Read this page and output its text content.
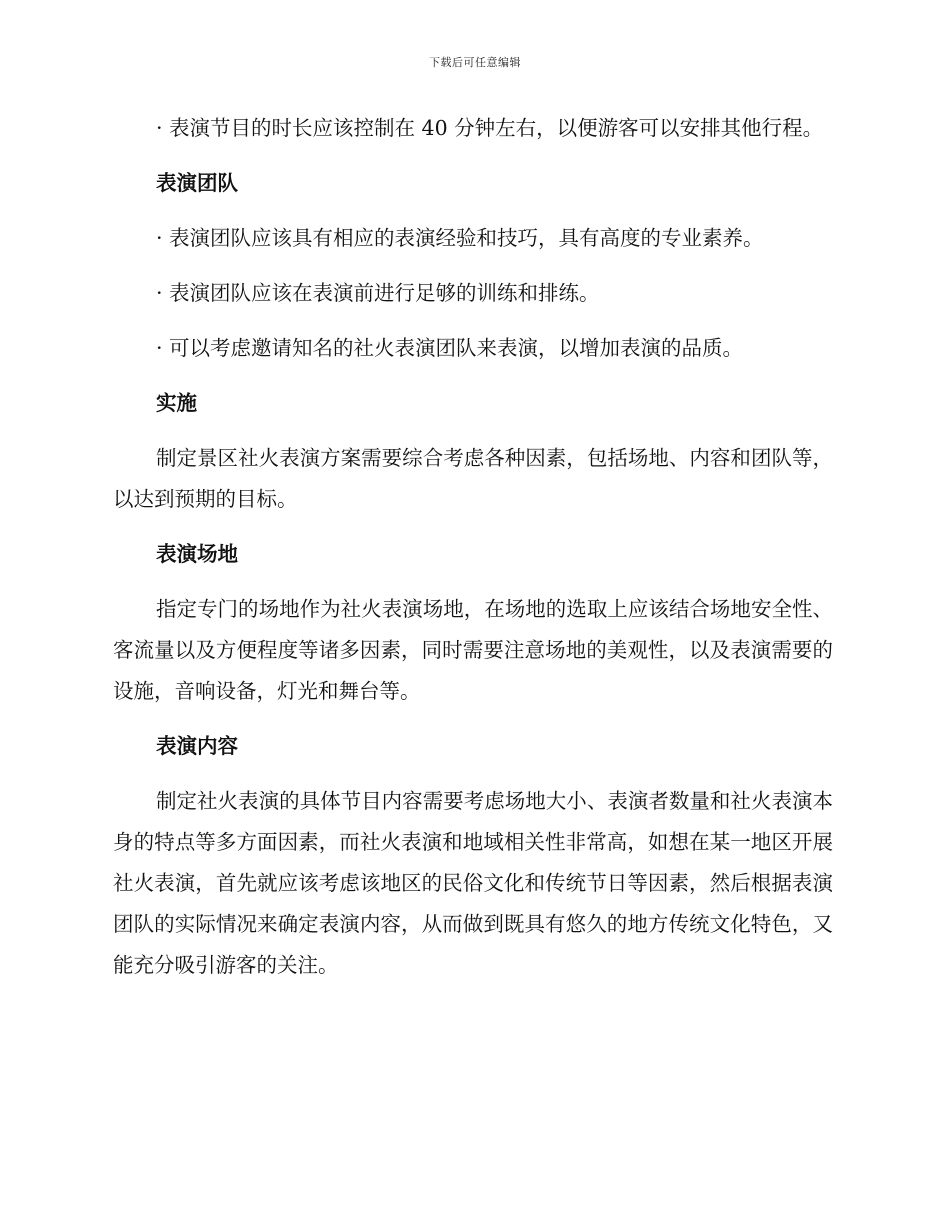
下载后可任意编辑

· 表演节目的时长应该控制在 40 分钟左右，以便游客可以安排其他行程。

表演团队

· 表演团队应该具有相应的表演经验和技巧，具有高度的专业素养。

· 表演团队应该在表演前进行足够的训练和排练。

· 可以考虑邀请知名的社火表演团队来表演，以增加表演的品质。

实施

制定景区社火表演方案需要综合考虑各种因素，包括场地、内容和团队等，以达到预期的目标。

表演场地

指定专门的场地作为社火表演场地，在场地的选取上应该结合场地安全性、客流量以及方便程度等诸多因素，同时需要注意场地的美观性，以及表演需要的设施，音响设备，灯光和舞台等。

表演内容

制定社火表演的具体节目内容需要考虑场地大小、表演者数量和社火表演本身的特点等多方面因素，而社火表演和地域相关性非常高，如想在某一地区开展社火表演，首先就应该考虑该地区的民俗文化和传统节日等因素，然后根据表演团队的实际情况来确定表演内容，从而做到既具有悠久的地方传统文化特色，又能充分吸引游客的关注。
